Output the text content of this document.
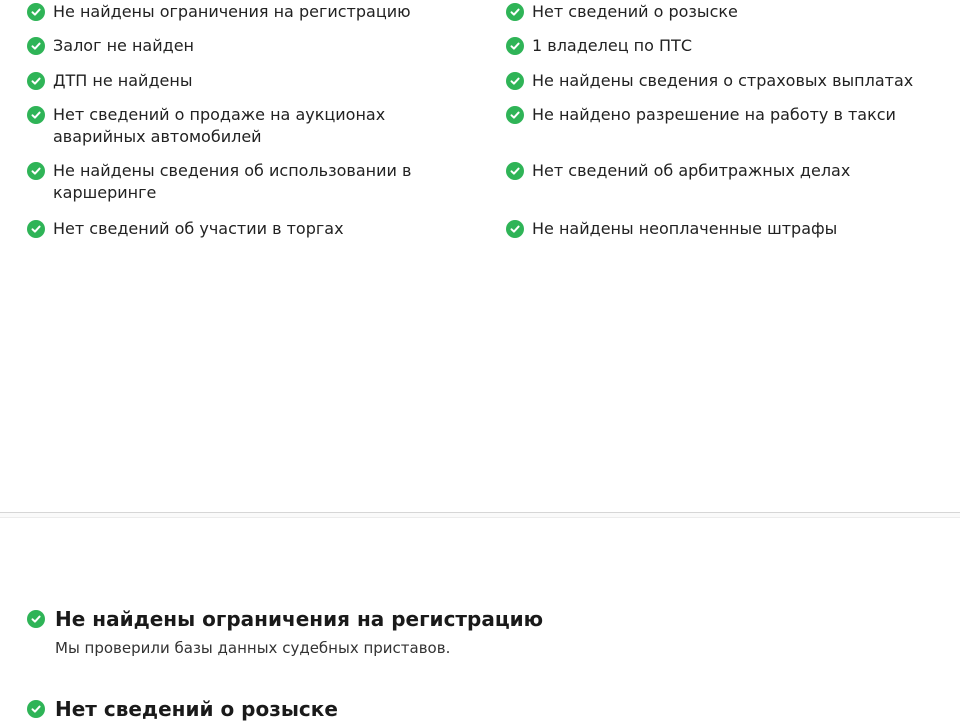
Не найдены ограничения на регистрацию
Залог не найден
ДТП не найдены
Нет сведений о продаже на аукционах аварийных автомобилей
Не найдены сведения об использовании в каршеринге
Нет сведений об участии в торгах
Нет сведений о розыске
1 владелец по ПТС
Не найдены сведения о страховых выплатах
Не найдено разрешение на работу в такси
Нет сведений об арбитражных делах
Не найдены неоплаченные штрафы
Не найдены ограничения на регистрацию
Мы проверили базы данных судебных приставов.
Нет сведений о розыске
